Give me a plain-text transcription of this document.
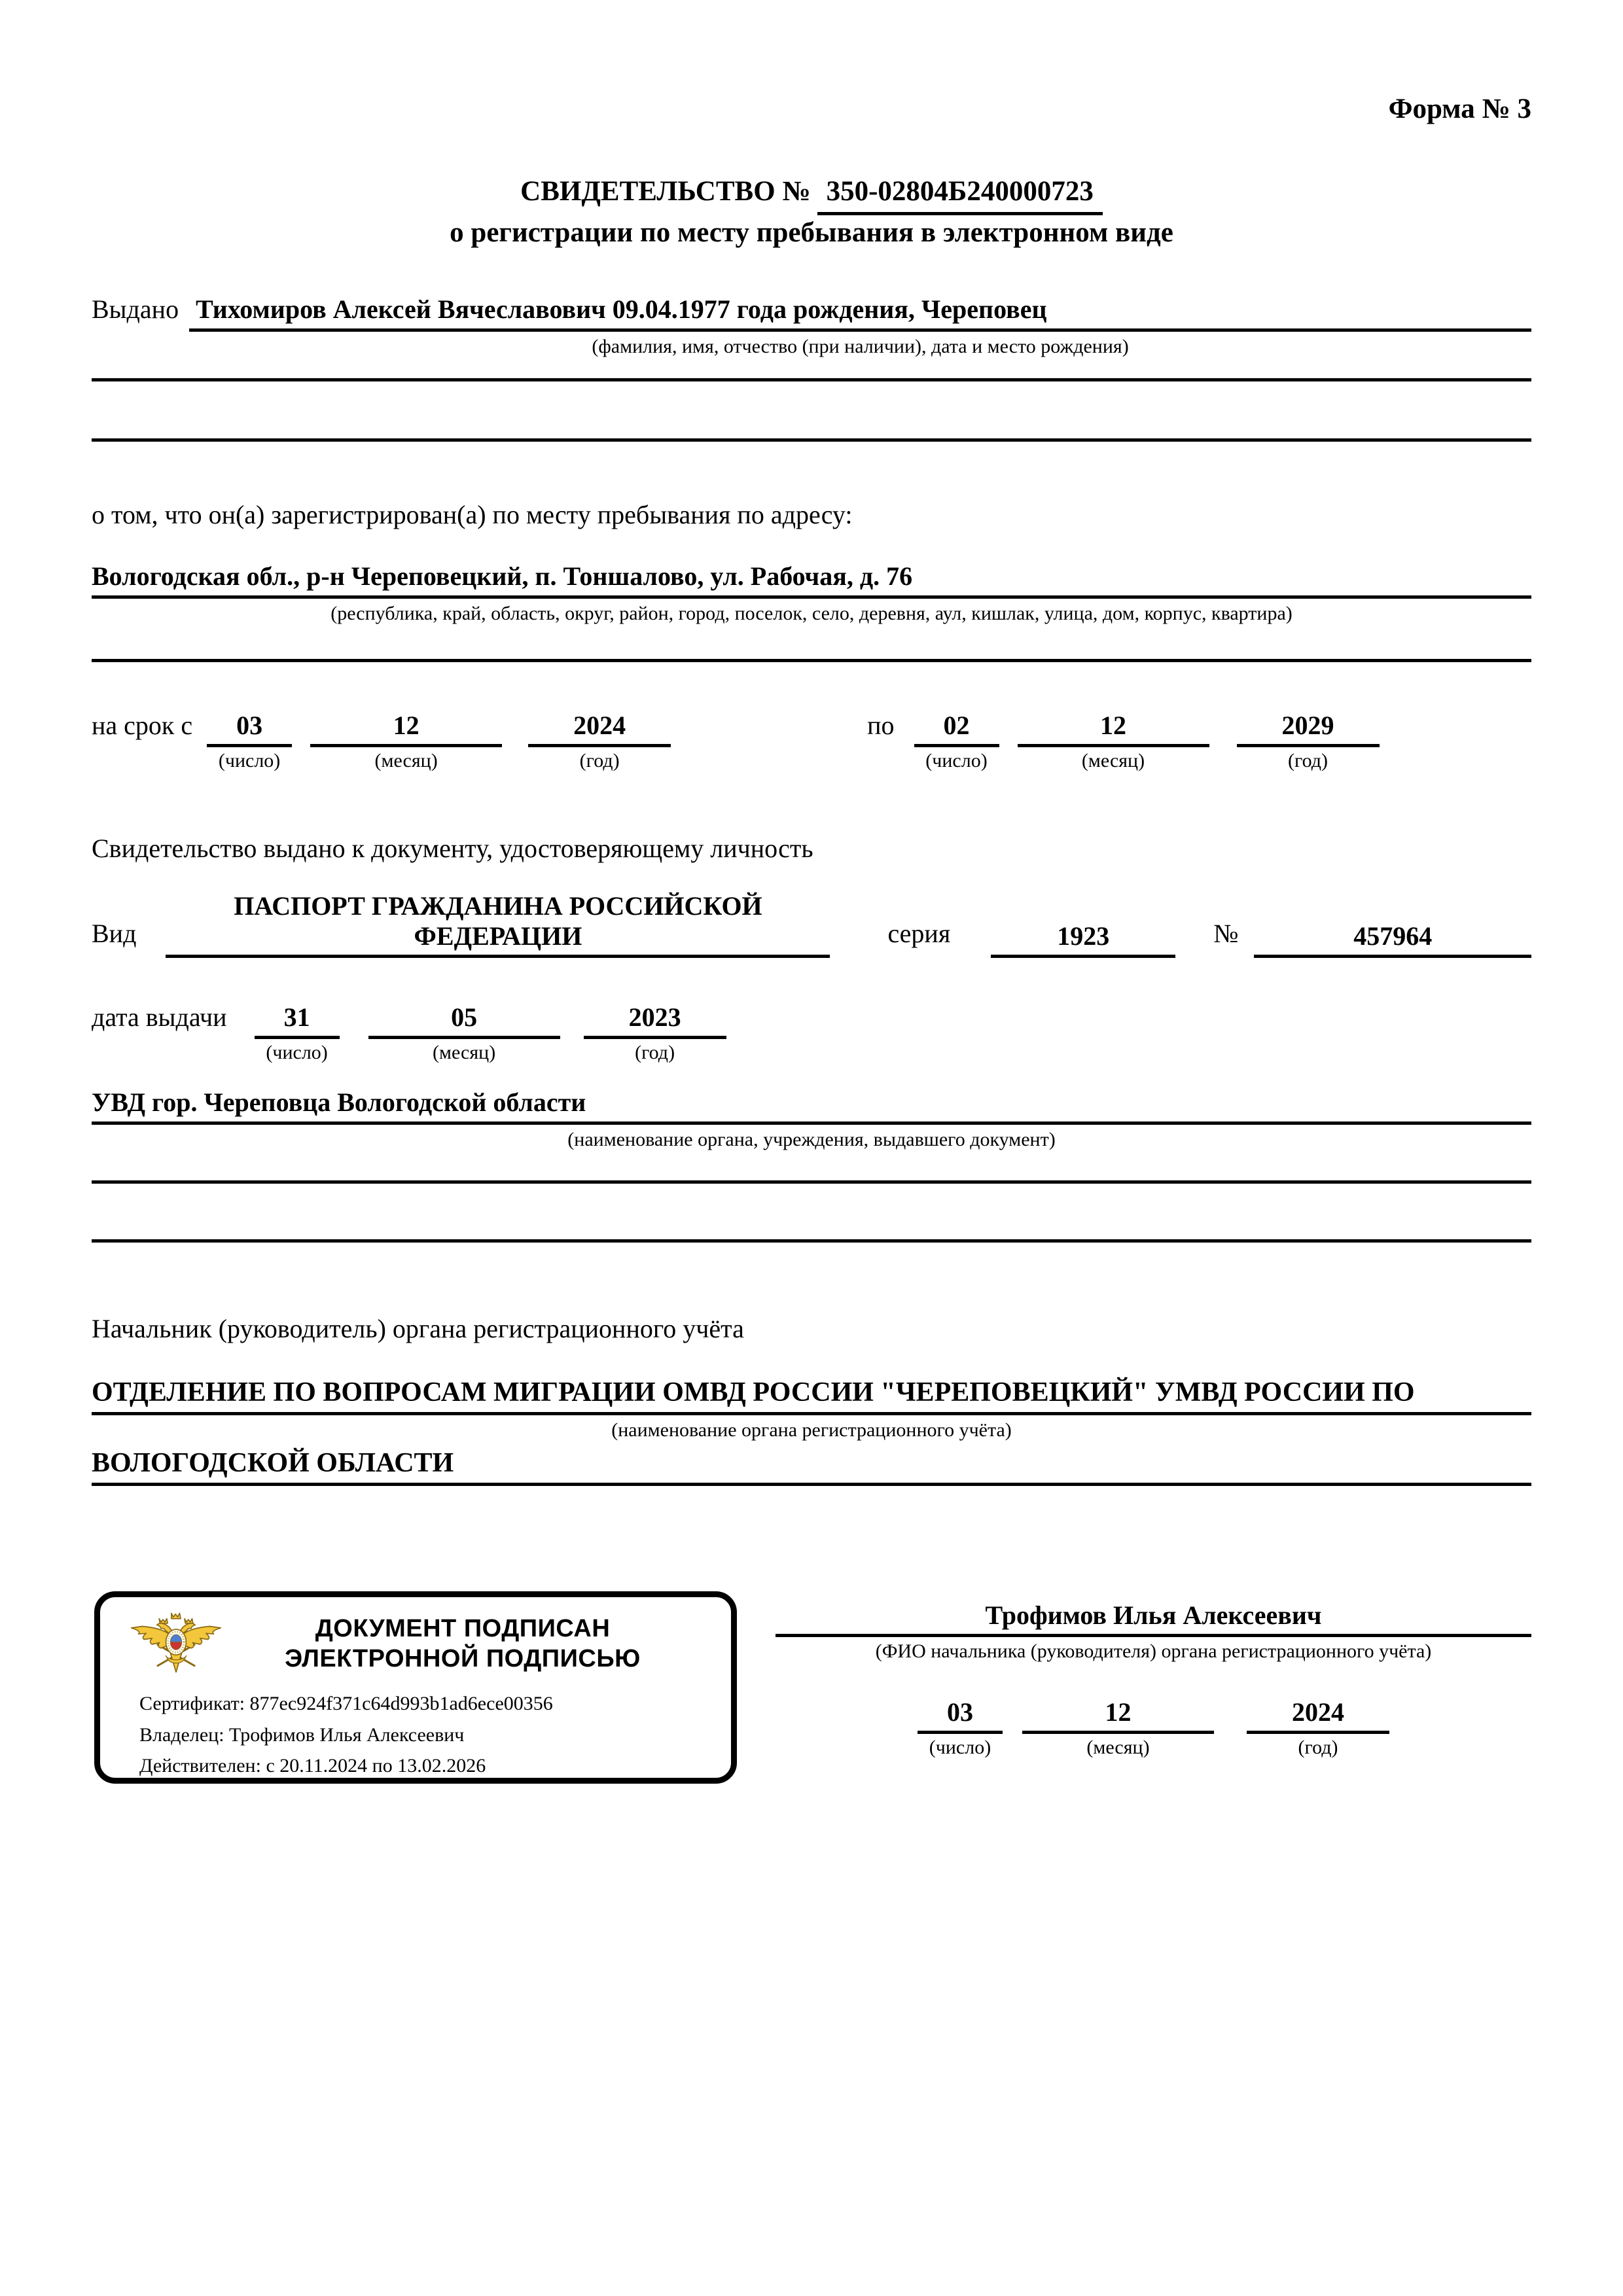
Форма № 3
СВИДЕТЕЛЬСТВО № 350-02804Б240000723
о регистрации по месту пребывания в электронном виде
Выдано Тихомиров Алексей Вячеславович 09.04.1977 года рождения, Череповец
(фамилия, имя, отчество (при наличии), дата и место рождения)
о том, что он(а) зарегистрирован(а) по месту пребывания по адресу:
Вологодская обл., р-н Череповецкий, п. Тоншалово, ул. Рабочая, д. 76
(республика, край, область, округ, район, город, поселок, село, деревня, аул, кишлак, улица, дом, корпус, квартира)
на срок с	03
(число)
12
(месяц)
2024
(год)
по	02
(число)
12
(месяц)
2029
(год)
Свидетельство выдано к документу, удостоверяющему личность
Вид
ПАСПОРТ ГРАЖДАНИНА РОССИЙСКОЙ
ФЕДЕРАЦИИ	серия	1923	№	457964
дата выдачи	31
(число)
05
(месяц)
2023
(год)
УВД гор. Череповца Вологодской области
(наименование органа, учреждения, выдавшего документ)
Начальник (руководитель) органа регистрационного учёта
ОТДЕЛЕНИЕ ПО ВОПРОСАМ МИГРАЦИИ ОМВД РОССИИ "ЧЕРЕПОВЕЦКИЙ" УМВД РОССИИ ПО
(наименование органа регистрационного учёта)
ВОЛОГОДСКОЙ ОБЛАСТИ
ДОКУМЕНТ ПОДПИСАН
ЭЛЕКТРОННОЙ ПОДПИСЬЮ
Сертификат: 877ec924f371c64d993b1ad6ece00356
Владелец: Трофимов Илья Алексеевич
Действителен: с 20.11.2024 по 13.02.2026
Трофимов Илья Алексеевич
(ФИО начальника (руководителя) органа регистрационного учёта)
03
(число)
12
(месяц)
2024
(год)
